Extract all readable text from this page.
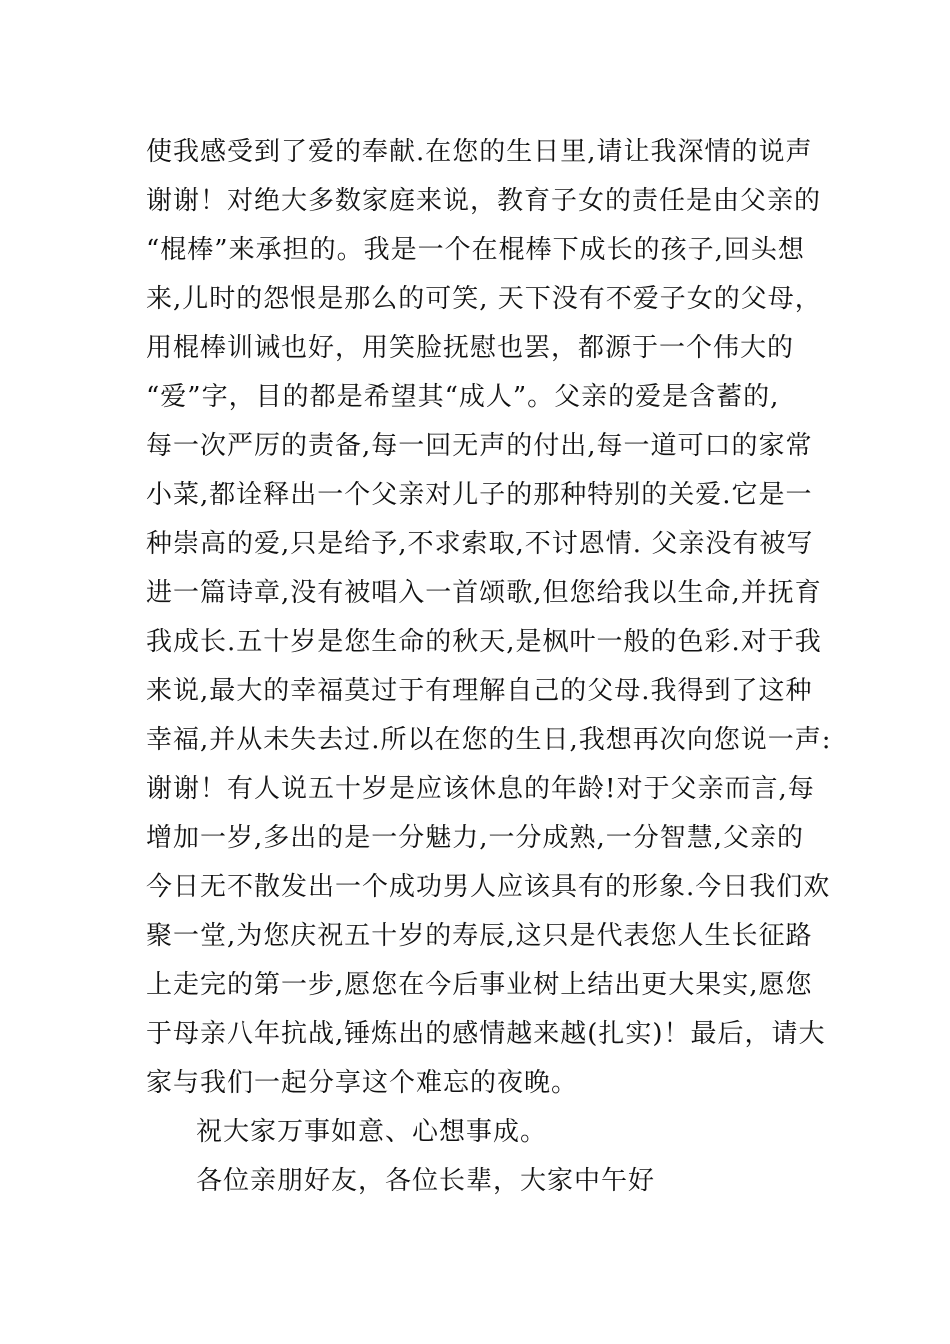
使我感受到了爱的奉献.在您的生日里,请让我深情的说声
谢谢！对绝大多数家庭来说，教育子女的责任是由父亲的
“棍棒”来承担的。我是一个在棍棒下成长的孩子,回头想
来,儿时的怨恨是那么的可笑, 天下没有不爱子女的父母，
用棍棒训诫也好，用笑脸抚慰也罢，都源于一个伟大的
“爱”字，目的都是希望其“成人”。父亲的爱是含蓄的,
每一次严厉的责备,每一回无声的付出,每一道可口的家常
小菜,都诠释出一个父亲对儿子的那种特别的关爱.它是一
种崇高的爱,只是给予,不求索取,不讨恩情. 父亲没有被写
进一篇诗章,没有被唱入一首颂歌,但您给我以生命,并抚育
我成长.五十岁是您生命的秋天,是枫叶一般的色彩.对于我
来说,最大的幸福莫过于有理解自己的父母.我得到了这种
幸福,并从未失去过.所以在您的生日,我想再次向您说一声:
谢谢！有人说五十岁是应该休息的年龄!对于父亲而言,每
增加一岁,多出的是一分魅力,一分成熟,一分智慧,父亲的
今日无不散发出一个成功男人应该具有的形象.今日我们欢
聚一堂,为您庆祝五十岁的寿辰,这只是代表您人生长征路
上走完的第一步,愿您在今后事业树上结出更大果实,愿您
于母亲八年抗战,锤炼出的感情越来越(扎实)！最后，请大
家与我们一起分享这个难忘的夜晚。
祝大家万事如意、心想事成。
各位亲朋好友，各位长辈，大家中午好
